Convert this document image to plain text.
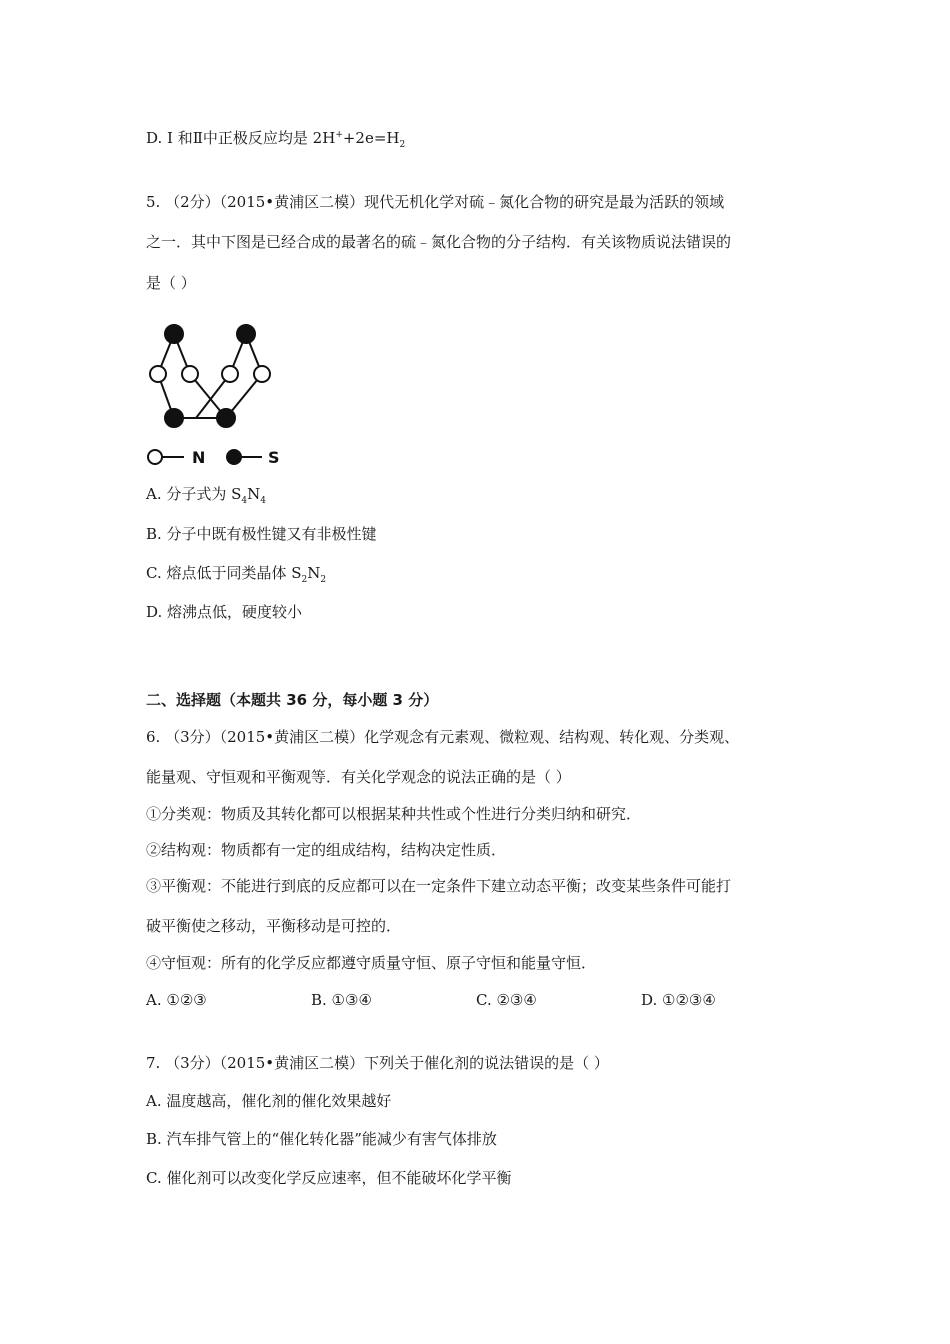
D. Ⅰ 和Ⅱ中正极反应均是 $2H^++2e=H_2$
5. （2分）（2015•黄浦区二模）现代无机化学对硫﹣氮化合物的研究是最为活跃的领域
之一．其中下图是已经合成的最著名的硫﹣氮化合物的分子结构．有关该物质说法错误的
是（ ）
N	S
A. 分子式为 $S_4N_4$
B. 分子中既有极性键又有非极性键
C. 熔点低于同类晶体 $S_2N_2$
D. 熔沸点低，硬度较小
二、选择题（本题共 36 分，每小题 3 分）
6. （3分）（2015•黄浦区二模）化学观念有元素观、微粒观、结构观、转化观、分类观、
能量观、守恒观和平衡观等．有关化学观念的说法正确的是（ ）
①分类观：物质及其转化都可以根据某种共性或个性进行分类归纳和研究．
②结构观：物质都有一定的组成结构，结构决定性质．
③平衡观：不能进行到底的反应都可以在一定条件下建立动态平衡；改变某些条件可能打
破平衡使之移动，平衡移动是可控的．
④守恒观：所有的化学反应都遵守质量守恒、原子守恒和能量守恒．
A. ①②③	B. ①③④	C. ②③④	D. ①②③④
7. （3分）（2015•黄浦区二模）下列关于催化剂的说法错误的是（ ）
A. 温度越高，催化剂的催化效果越好
B. 汽车排气管上的“催化转化器”能减少有害气体排放
C. 催化剂可以改变化学反应速率，但不能破坏化学平衡
